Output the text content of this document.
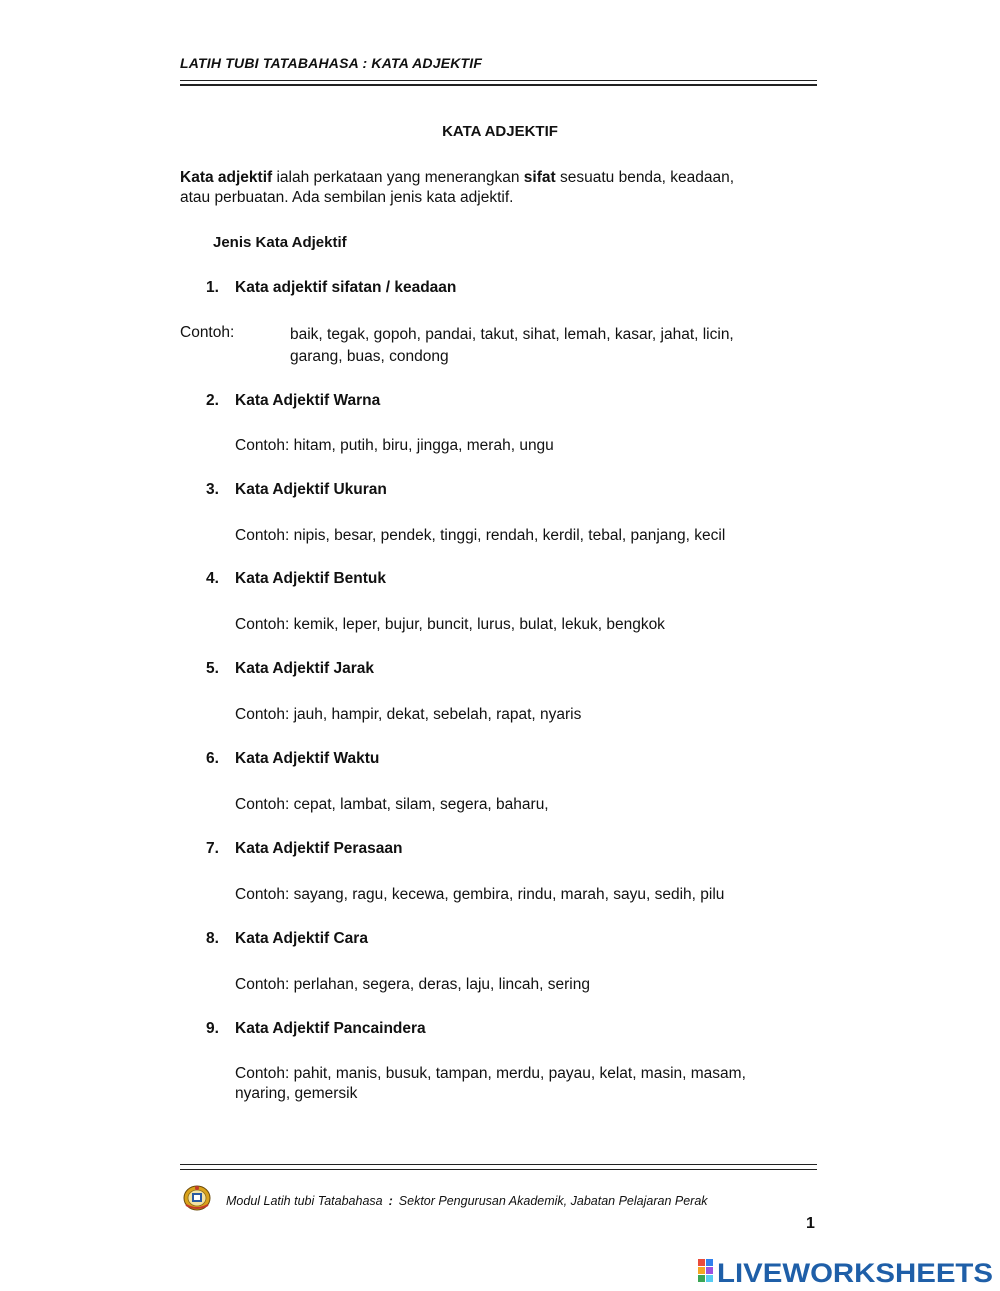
LATIH TUBI TATABAHASA : KATA ADJEKTIF
KATA ADJEKTIF
Kata adjektif ialah perkataan yang menerangkan sifat sesuatu benda, keadaan,
atau perbuatan. Ada sembilan jenis kata adjektif.
Jenis Kata Adjektif
1. Kata adjektif sifatan / keadaan
Contoh:	baik, tegak, gopoh, pandai, takut, sihat, lemah, kasar, jahat, licin,
garang, buas, condong
2. Kata Adjektif Warna
Contoh: hitam, putih, biru, jingga, merah, ungu
3. Kata Adjektif Ukuran
Contoh: nipis, besar, pendek, tinggi, rendah, kerdil, tebal, panjang, kecil
4. Kata Adjektif Bentuk
Contoh: kemik, leper, bujur, buncit, lurus, bulat, lekuk, bengkok
5. Kata Adjektif Jarak
Contoh: jauh, hampir, dekat, sebelah, rapat, nyaris
6. Kata Adjektif Waktu
Contoh: cepat, lambat, silam, segera, baharu,
7. Kata Adjektif Perasaan
Contoh: sayang, ragu, kecewa, gembira, rindu, marah, sayu, sedih, pilu
8. Kata Adjektif Cara
Contoh: perlahan, segera, deras, laju, lincah, sering
9. Kata Adjektif Pancaindera
Contoh: pahit, manis, busuk, tampan, merdu, payau, kelat, masin, masam,
nyaring, gemersik
Modul Latih tubi Tatabahasa : Sektor Pengurusan Akademik, Jabatan Pelajaran Perak
1
LIVEWORKSHEETS
